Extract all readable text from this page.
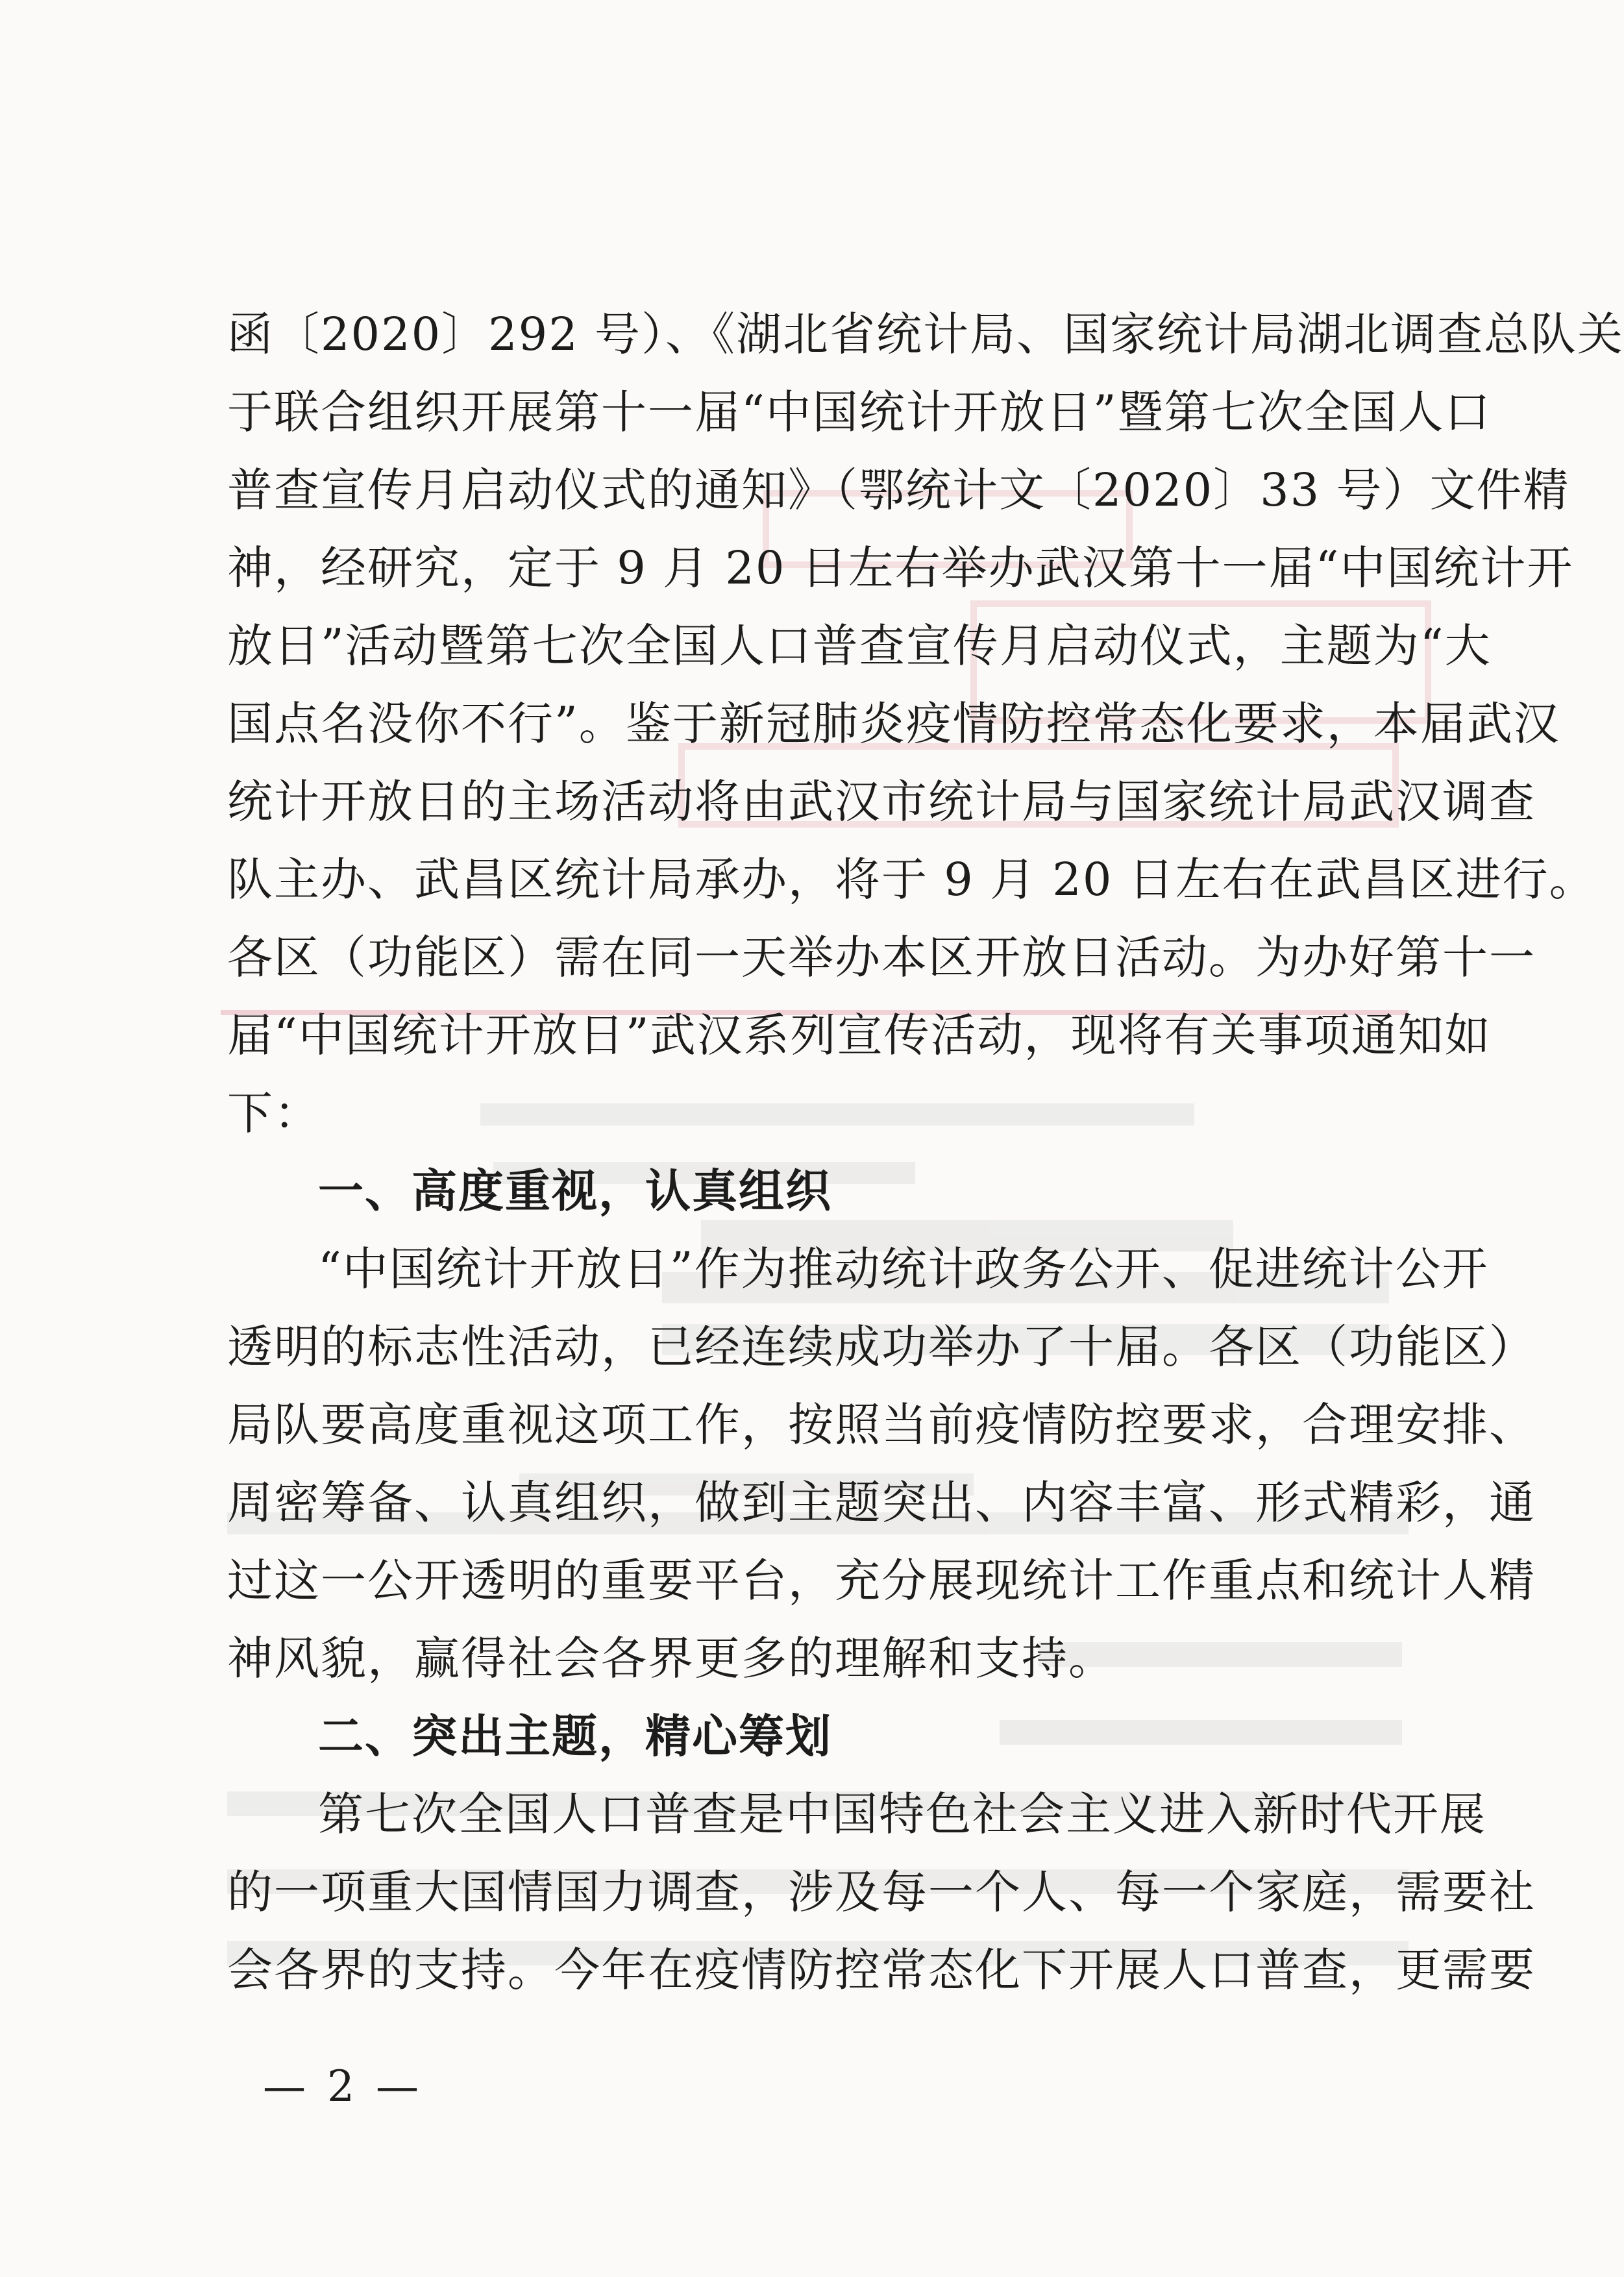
函〔2020〕292 号）、《湖北省统计局、国家统计局湖北调查总队关
于联合组织开展第十一届“中国统计开放日”暨第七次全国人口
普查宣传月启动仪式的通知》（鄂统计文〔2020〕33 号）文件精
神，经研究，定于 9 月 20 日左右举办武汉第十一届“中国统计开
放日”活动暨第七次全国人口普查宣传月启动仪式，主题为“大
国点名没你不行”。鉴于新冠肺炎疫情防控常态化要求，本届武汉
统计开放日的主场活动将由武汉市统计局与国家统计局武汉调查
队主办、武昌区统计局承办，将于 9 月 20 日左右在武昌区进行。
各区（功能区）需在同一天举办本区开放日活动。为办好第十一
届“中国统计开放日”武汉系列宣传活动，现将有关事项通知如
下：
一、高度重视，认真组织
“中国统计开放日”作为推动统计政务公开、促进统计公开
透明的标志性活动，已经连续成功举办了十届。各区（功能区）
局队要高度重视这项工作，按照当前疫情防控要求，合理安排、
周密筹备、认真组织，做到主题突出、内容丰富、形式精彩，通
过这一公开透明的重要平台，充分展现统计工作重点和统计人精
神风貌，赢得社会各界更多的理解和支持。
二、突出主题，精心筹划
第七次全国人口普查是中国特色社会主义进入新时代开展
的一项重大国情国力调查，涉及每一个人、每一个家庭，需要社
会各界的支持。今年在疫情防控常态化下开展人口普查，更需要
— 2 —
